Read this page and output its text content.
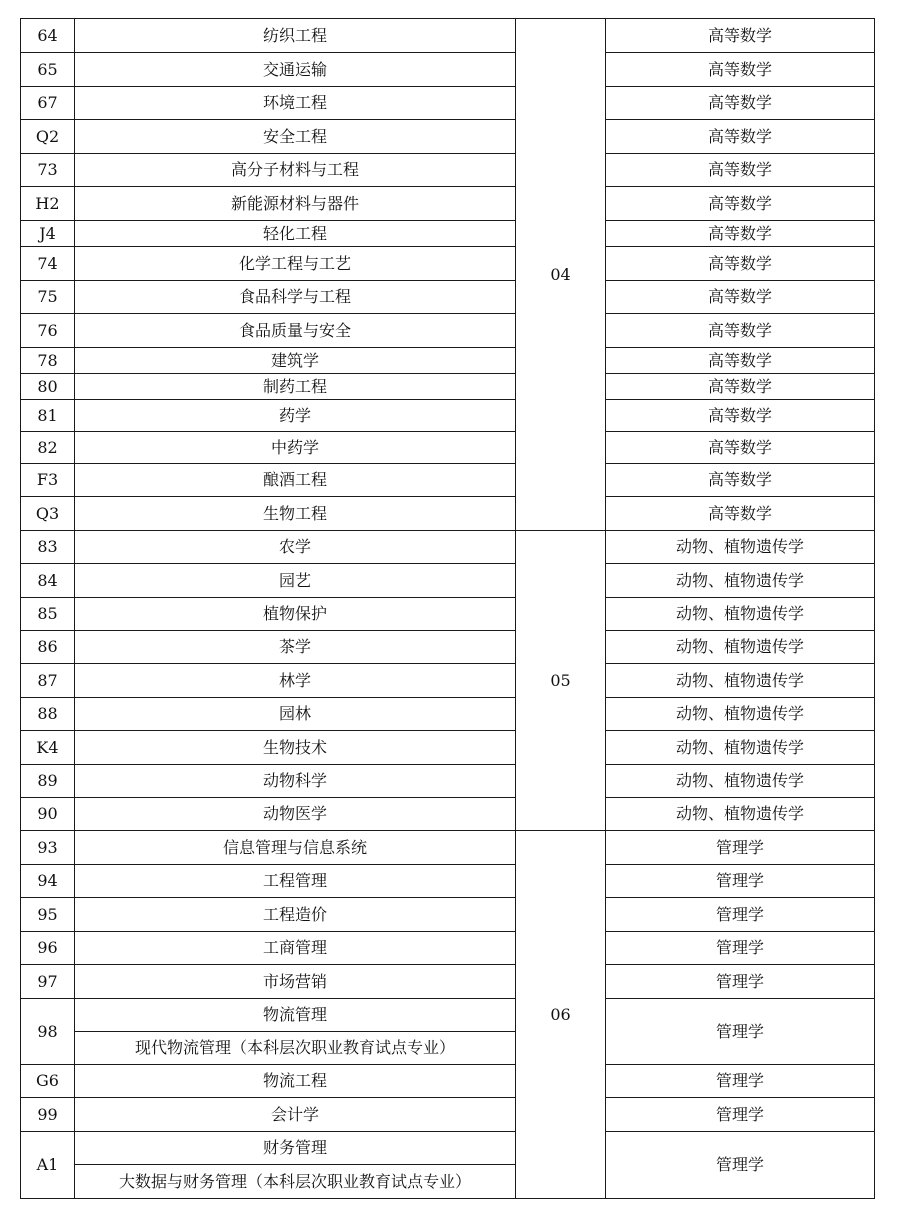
64	纺织工程	04	高等数学
65	交通运输		高等数学
67	环境工程		高等数学
Q2	安全工程		高等数学
73	高分子材料与工程		高等数学
H2	新能源材料与器件		高等数学
J4	轻化工程		高等数学
74	化学工程与工艺		高等数学
75	食品科学与工程		高等数学
76	食品质量与安全		高等数学
78	建筑学		高等数学
80	制药工程		高等数学
81	药学		高等数学
82	中药学		高等数学
F3	酿酒工程		高等数学
Q3	生物工程		高等数学
83	农学	05	动物、植物遗传学
84	园艺		动物、植物遗传学
85	植物保护		动物、植物遗传学
86	茶学		动物、植物遗传学
87	林学		动物、植物遗传学
88	园林		动物、植物遗传学
K4	生物技术		动物、植物遗传学
89	动物科学		动物、植物遗传学
90	动物医学		动物、植物遗传学
93	信息管理与信息系统	06	管理学
94	工程管理		管理学
95	工程造价		管理学
96	工商管理		管理学
97	市场营销		管理学
98	物流管理		管理学
	现代物流管理（本科层次职业教育试点专业）		
G6	物流工程		管理学
99	会计学		管理学
A1	财务管理		管理学
	大数据与财务管理（本科层次职业教育试点专业）		
